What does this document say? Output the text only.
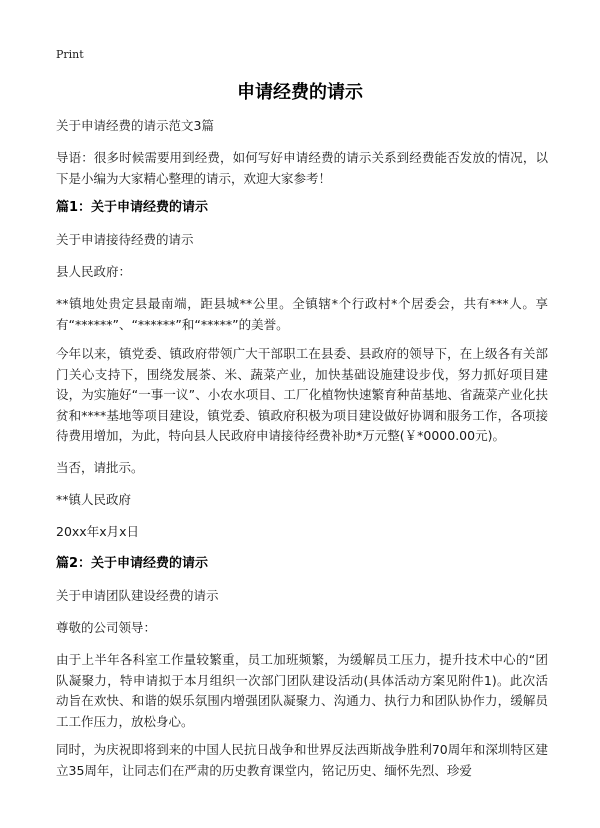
Print
申请经费的请示

关于申请经费的请示范文3篇

导语：很多时候需要用到经费，如何写好申请经费的请示关系到经费能否发放的情况，以下是小编为大家精心整理的请示，欢迎大家参考！

篇1：关于申请经费的请示

关于申请接待经费的请示

县人民政府：

**镇地处贵定县最南端，距县城**公里。全镇辖*个行政村*个居委会，共有***人。享有“******”、“******”和“*****”的美誉。

今年以来，镇党委、镇政府带领广大干部职工在县委、县政府的领导下，在上级各有关部门关心支持下，围绕发展茶、米、蔬菜产业，加快基础设施建设步伐，努力抓好项目建设，为实施好“一事一议”、小农水项目、工厂化植物快速繁育种苗基地、省蔬菜产业化扶贫和****基地等项目建设，镇党委、镇政府积极为项目建设做好协调和服务工作，各项接待费用增加，为此，特向县人民政府申请接待经费补助*万元整(￥*0000.00元)。

当否，请批示。

**镇人民政府

20xx年x月x日

篇2：关于申请经费的请示

关于申请团队建设经费的请示

尊敬的公司领导：

由于上半年各科室工作量较繁重，员工加班频繁，为缓解员工压力，提升技术中心的“团队凝聚力，特申请拟于本月组织一次部门团队建设活动(具体活动方案见附件1)。此次活动旨在欢快、和谐的娱乐氛围内增强团队凝聚力、沟通力、执行力和团队协作力，缓解员工工作压力，放松身心。

同时，为庆祝即将到来的中国人民抗日战争和世界反法西斯战争胜利70周年和深圳特区建立35周年，让同志们在严肃的历史教育课堂内，铭记历史、缅怀先烈、珍爱
